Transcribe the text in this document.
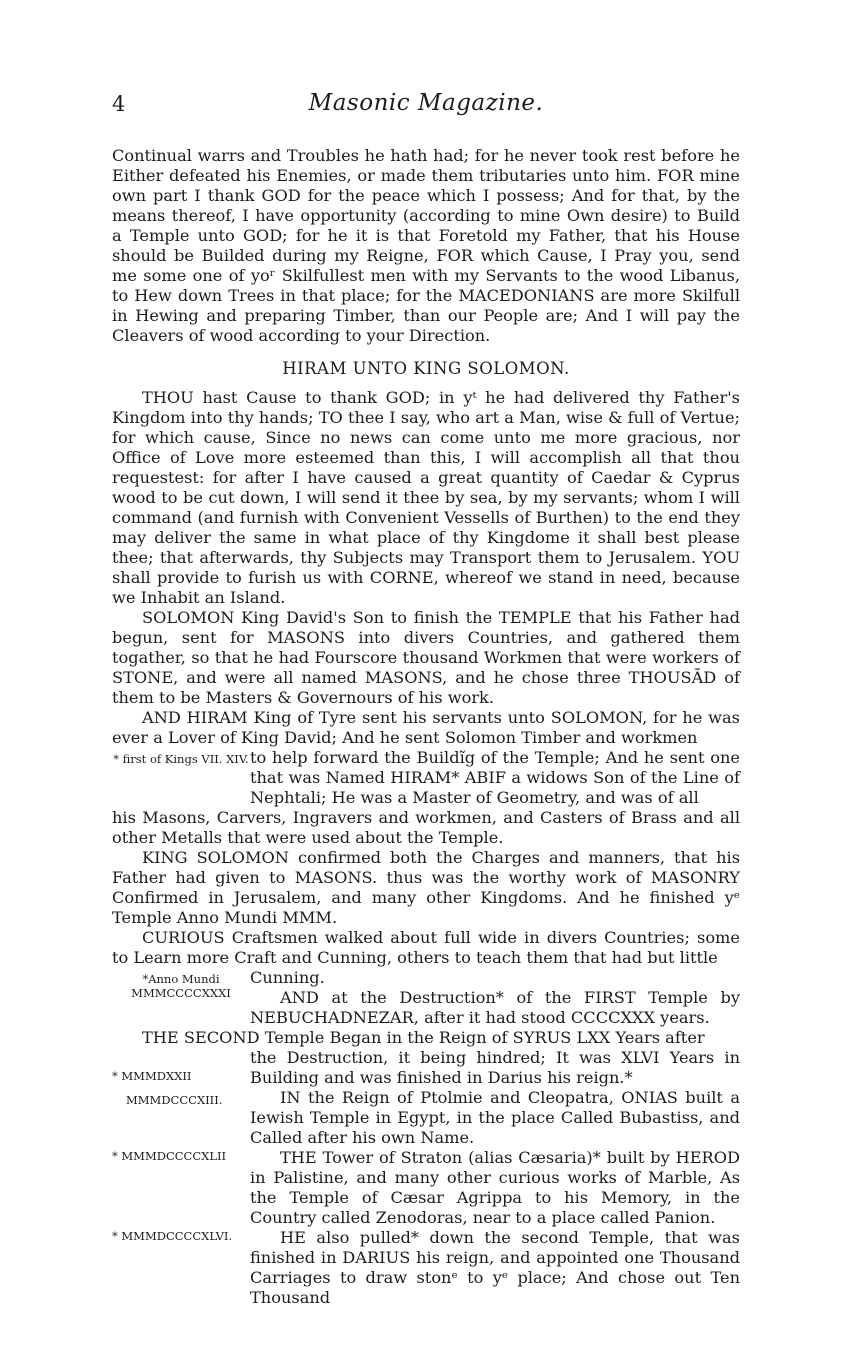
4	Masonic Magazine.

Continual warrs and Troubles he hath had; for he never took rest before he Either defeated his Enemies, or made them tributaries unto him. FOR mine own part I thank GOD for the peace which I possess; And for that, by the means thereof, I have opportunity (according to mine Own desire) to Build a Temple unto GOD; for he it is that Foretold my Father, that his House should be Builded during my Reigne, FOR which Cause, I Pray you, send me some one of yoʳ Skilfullest men with my Servants to the wood Libanus, to Hew down Trees in that place; for the MACEDONIANS are more Skilfull in Hewing and preparing Timber, than our People are; And I will pay the Cleavers of wood according to your Direction.

HIRAM UNTO KING SOLOMON.

THOU hast Cause to thank GOD; in yᵗ he had delivered thy Father's Kingdom into thy hands; TO thee I say, who art a Man, wise & full of Vertue; for which cause, Since no news can come unto me more gracious, nor Office of Love more esteemed than this, I will accomplish all that thou requestest: for after I have caused a great quantity of Caedar & Cyprus wood to be cut down, I will send it thee by sea, by my servants; whom I will command (and furnish with Convenient Vessells of Burthen) to the end they may deliver the same in what place of thy Kingdome it shall best please thee; that afterwards, thy Subjects may Transport them to Jerusalem. YOU shall provide to furish us with CORNE, whereof we stand in need, because we Inhabit an Island.

SOLOMON King David's Son to finish the TEMPLE that his Father had begun, sent for MASONS into divers Countries, and gathered them togather, so that he had Fourscore thousand Workmen that were workers of STONE, and were all named MASONS, and he chose three THOUSĀD of them to be Masters & Governours of his work.

AND HIRAM King of Tyre sent his servants unto SOLOMON, for he was ever a Lover of King David; And he sent Solomon Timber and workmen

* first of Kings VII. XIV. to help forward the Buildĩg of the Temple; And he sent one that was Named HIRAM* ABIF a widows Son of the Line of Nephtali; He was a Master of Geometry, and was of all

his Masons, Carvers, Ingravers and workmen, and Casters of Brass and all other Metalls that were used about the Temple.

KING SOLOMON confirmed both the Charges and manners, that his Father had given to MASONS. thus was the worthy work of MASONRY Confirmed in Jerusalem, and many other Kingdoms. And he finished yᵉ Temple Anno Mundi MMM.

CURIOUS Craftsmen walked about full wide in divers Countries; some to Learn more Craft and Cunning, others to teach them that had but little

*Anno Mundi MMMCCCCXXXI
Cunning.
AND at the Destruction* of the FIRST Temple by NEBUCHADNEZAR, after it had stood CCCCXXX years.

THE SECOND Temple Began in the Reign of SYRUS LXX Years after

* MMMDXXII
MMMDCCCXIII.
the Destruction, it being hindred; It was XLVI Years in Building and was finished in Darius his reign.*
IN the Reign of Ptolmie and Cleopatra, ONIAS built a Iewish Temple in Egypt, in the place Called Bubastiss, and Called after his own Name.
* MMMDCCCCXLII	THE Tower of Straton (alias Cæsaria)* built by HEROD in Palistine, and many other curious works of Marble, As the Temple of Cæsar Agrippa to his Memory, in the Country called Zenodoras, near to a place called Panion.
* MMMDCCCCXLVI.	HE also pulled* down the second Temple, that was finished in DARIUS his reign, and appointed one Thousand Carriages to draw stonᵉ to yᵉ place; And chose out Ten Thousand
